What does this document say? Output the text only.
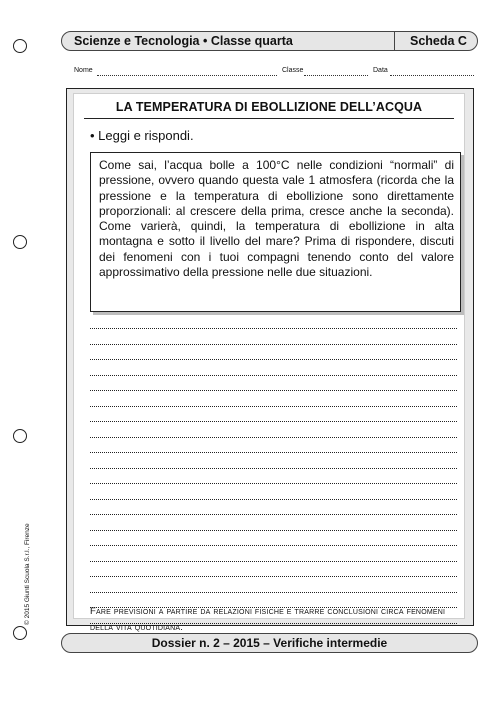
Scienze e Tecnologia • Classe quarta	Scheda C
Nome	Classe	Data
LA TEMPERATURA DI EBOLLIZIONE DELL’ACQUA
• Leggi e rispondi.

Come sai, l’acqua bolle a 100°C nelle condizioni “normali” di pressione, ovvero quando questa vale 1 atmosfera (ricorda che la pressione e la temperatura di ebollizione sono direttamente proporzionali: al crescere della prima, cresce anche la seconda). Come varierà, quindi, la temperatura di ebollizione in alta montagna e sotto il livello del mare? Prima di rispondere, discuti dei fenomeni con i tuoi compagni tenendo conto del valore approssimativo della pressione nelle due situazioni.

Fare previsioni a partire da relazioni fisiche e trarre conclusioni circa fenomeni della vita quotidiana.
Dossier n. 2 – 2015 – Verifiche intermedie
© 2015 Giunti Scuola S.r.l., Firenze
